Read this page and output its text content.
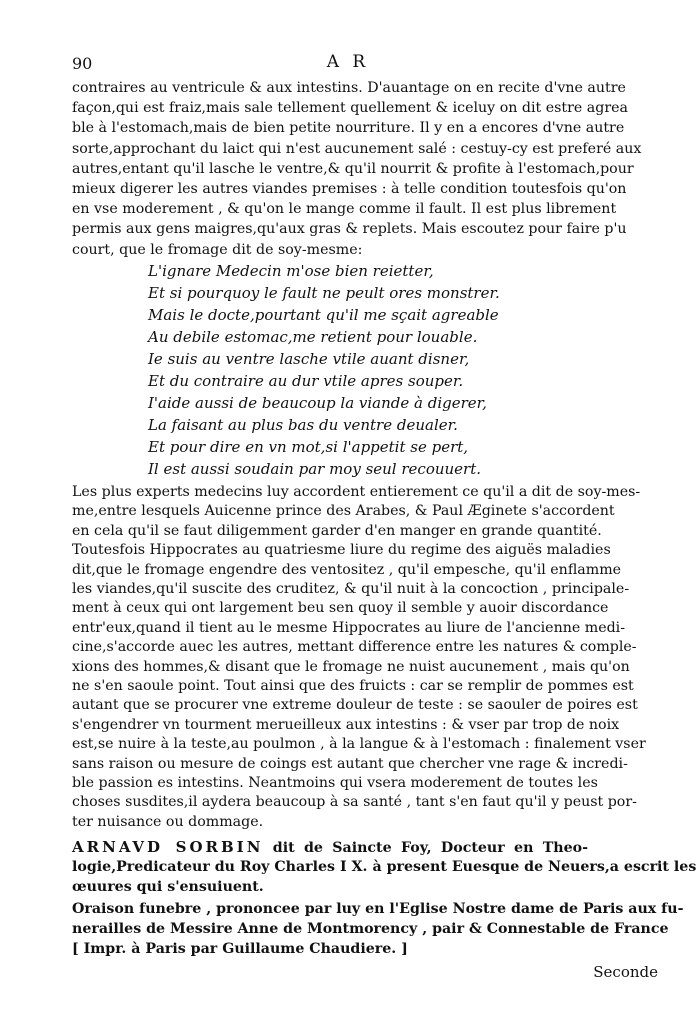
90	A R
contraires au ventricule & aux intestins. D'auantage on en recite d'vne autre
façon,qui est fraiz,mais sale tellement quellement & iceluy on dit estre agrea
ble à l'estomach,mais de bien petite nourriture. Il y en a encores d'vne autre
sorte,approchant du laict qui n'est aucunement salé : cestuy-cy est preferé aux
autres,entant qu'il lasche le ventre,& qu'il nourrit & profite à l'estomach,pour
mieux digerer les autres viandes premises : à telle condition toutesfois qu'on
en vse moderement , & qu'on le mange comme il fault. Il est plus librement
permis aux gens maigres,qu'aux gras & replets. Mais escoutez pour faire p'u
court, que le fromage dit de soy-mesme:
L'ignare Medecin m'ose bien reietter,
Et si pourquoy le fault ne peult ores monstrer.
Mais le docte,pourtant qu'il me sçait agreable
Au debile estomac,me retient pour louable.
Ie suis au ventre lasche vtile auant disner,
Et du contraire au dur vtile apres souper.
I'aide aussi de beaucoup la viande à digerer,
La faisant au plus bas du ventre deualer.
Et pour dire en vn mot,si l'appetit se pert,
Il est aussi soudain par moy seul recouuert.
Les plus experts medecins luy accordent entierement ce qu'il a dit de soy-mes-
me,entre lesquels Auicenne prince des Arabes, & Paul Æginete s'accordent
en cela qu'il se faut diligemment garder d'en manger en grande quantité.
Toutesfois Hippocrates au quatriesme liure du regime des aiguës maladies
dit,que le fromage engendre des ventositez , qu'il empesche, qu'il enflamme
les viandes,qu'il suscite des cruditez, & qu'il nuit à la concoction , principale-
ment à ceux qui ont largement beu sen quoy il semble y auoir discordance
entr'eux,quand il tient au le mesme Hippocrates au liure de l'ancienne medi-
cine,s'accorde auec les autres, mettant difference entre les natures & comple-
xions des hommes,& disant que le fromage ne nuist aucunement , mais qu'on
ne s'en saoule point. Tout ainsi que des fruicts : car se remplir de pommes est
autant que se procurer vne extreme douleur de teste : se saouler de poires est
s'engendrer vn tourment merueilleux aux intestins : & vser par trop de noix
est,se nuire à la teste,au poulmon , à la langue & à l'estomach : finalement vser
sans raison ou mesure de coings est autant que chercher vne rage & incredi-
ble passion es intestins. Neantmoins qui vsera moderement de toutes les
choses susdites,il aydera beaucoup à sa santé , tant s'en faut qu'il y peust por-
ter nuisance ou dommage.
ARNAVD SORBIN dit de Saincte Foy, Docteur en Theo-
logie,Predicateur du Roy Charles I X. à present Euesque de Neuers,a escrit les
œuures qui s'ensuiuent.
Oraison funebre , prononcee par luy en l'Eglise Nostre dame de Paris aux fu-
nerailles de Messire Anne de Montmorency , pair & Connestable de France
[ Impr. à Paris par Guillaume Chaudiere. ]
Seconde
